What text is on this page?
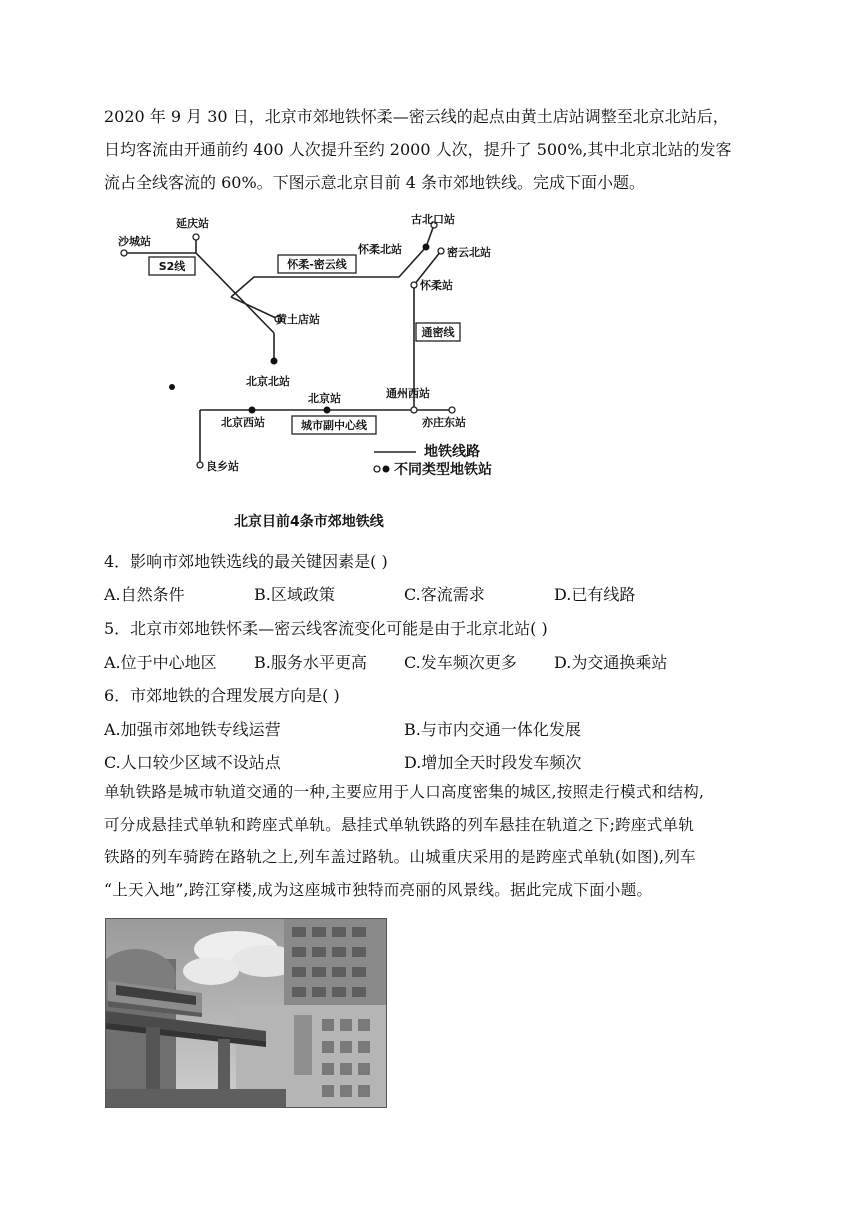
2020 年 9 月 30 日，北京市郊地铁怀柔—密云线的起点由黄土店站调整至北京北站后，
日均客流由开通前约 400 人次提升至约 2000 人次，提升了 500%,其中北京北站的发客
流占全线客流的 60%。下图示意北京目前 4 条市郊地铁线。完成下面小题。

沙城站
延庆站	古北口站
怀柔北站	密云北站
怀柔站
黄土店站
北京北站
通州西站
北京站
北京西站	亦庄东站
良乡站
S2线	怀柔-密云线
通密线
城市副中心线
地铁线路
不同类型地铁站
北京目前4条市郊地铁线
4．影响市郊地铁选线的最关键因素是( )
A.自然条件	B.区域政策	C.客流需求	D.已有线路
5．北京市郊地铁怀柔—密云线客流变化可能是由于北京北站( )
A.位于中心地区 B.服务水平更高 C.发车频次更多 D.为交通换乘站
6．市郊地铁的合理发展方向是( )
A.加强市郊地铁专线运营	B.与市内交通一体化发展
C.人口较少区域不设站点	D.增加全天时段发车频次

单轨铁路是城市轨道交通的一种,主要应用于人口高度密集的城区,按照走行模式和结构,
可分成悬挂式单轨和跨座式单轨。悬挂式单轨铁路的列车悬挂在轨道之下;跨座式单轨
铁路的列车骑跨在路轨之上,列车盖过路轨。山城重庆采用的是跨座式单轨(如图),列车
“上天入地”,跨江穿楼,成为这座城市独特而亮丽的风景线。据此完成下面小题。
